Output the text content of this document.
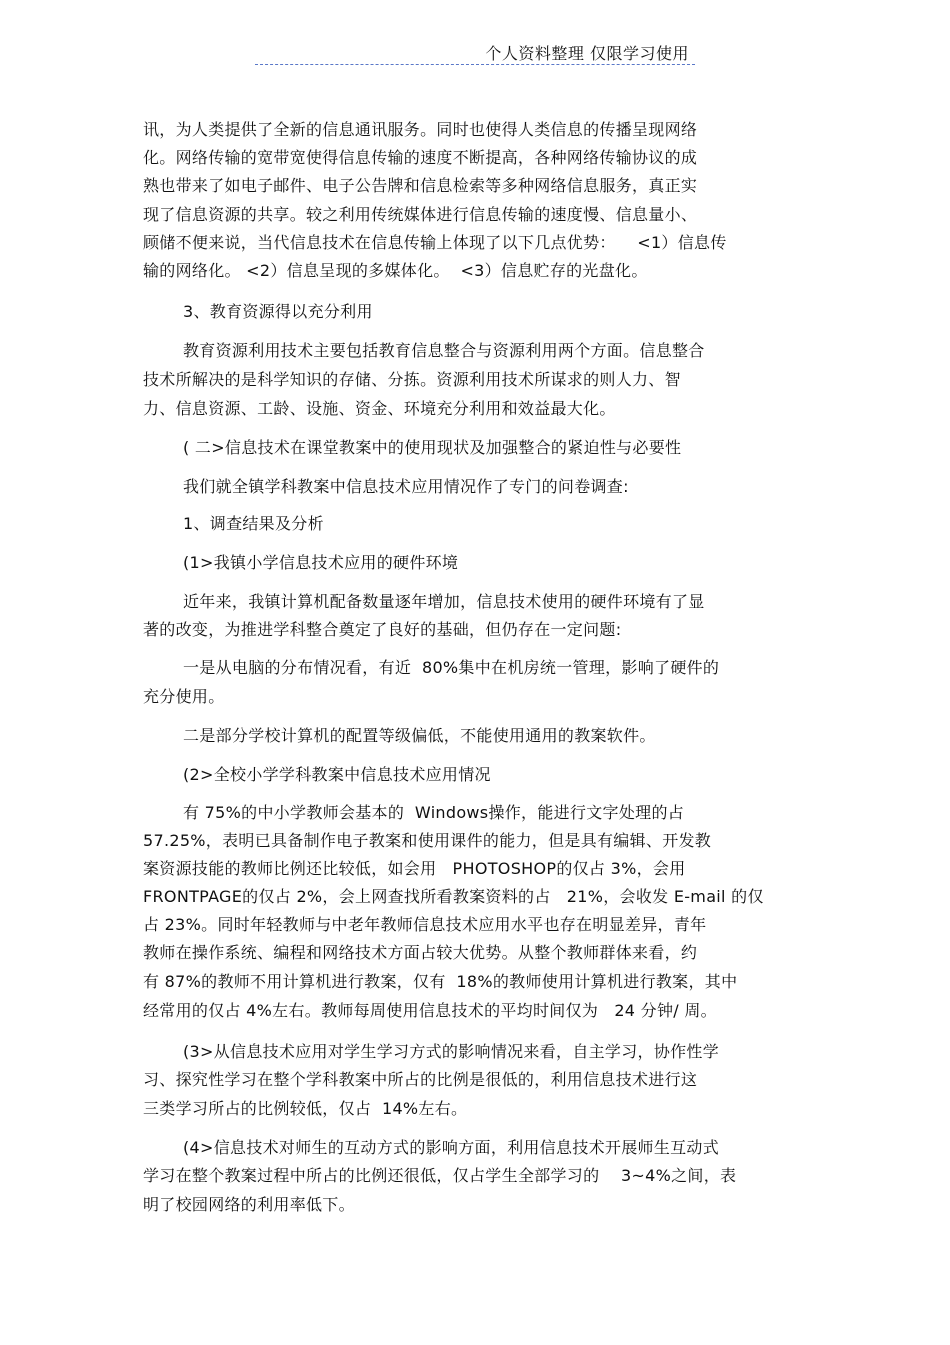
个人资料整理 仅限学习使用
讯，为人类提供了全新的信息通讯服务。同时也使得人类信息的传播呈现网络
化。网络传输的宽带宽使得信息传输的速度不断提高，各种网络传输协议的成
熟也带来了如电子邮件、电子公告牌和信息检索等多种网络信息服务，真正实
现了信息资源的共享。较之利用传统媒体进行信息传输的速度慢、信息量小、
顾储不便来说，当代信息技术在信息传输上体现了以下几点优势：    <1）信息传
输的网络化。 <2）信息呈现的多媒体化。  <3）信息贮存的光盘化。
3、教育资源得以充分利用
教育资源利用技术主要包括教育信息整合与资源利用两个方面。信息整合
技术所解决的是科学知识的存储、分拣。资源利用技术所谋求的则人力、智
力、信息资源、工龄、设施、资金、环境充分利用和效益最大化。
( 二>信息技术在课堂教案中的使用现状及加强整合的紧迫性与必要性
我们就全镇学科教案中信息技术应用情况作了专门的问卷调查:
1、调查结果及分析
(1>我镇小学信息技术应用的硬件环境
近年来，我镇计算机配备数量逐年增加，信息技术使用的硬件环境有了显
著的改变，为推进学科整合奠定了良好的基础，但仍存在一定问题:
一是从电脑的分布情况看，有近  80%集中在机房统一管理，影响了硬件的
充分使用。
二是部分学校计算机的配置等级偏低，不能使用通用的教案软件。
(2>全校小学学科教案中信息技术应用情况
有 75%的中小学教师会基本的  Windows操作，能进行文字处理的占
57.25%，表明已具备制作电子教案和使用课件的能力，但是具有编辑、开发教
案资源技能的教师比例还比较低，如会用   PHOTOSHOP的仅占 3%，会用
FRONTPAGE的仅占 2%，会上网查找所看教案资料的占   21%，会收发 E-mail 的仅
占 23%。同时年轻教师与中老年教师信息技术应用水平也存在明显差异，青年
教师在操作系统、编程和网络技术方面占较大优势。从整个教师群体来看，约
有 87%的教师不用计算机进行教案，仅有  18%的教师使用计算机进行教案，其中
经常用的仅占 4%左右。教师每周使用信息技术的平均时间仅为   24 分钟/ 周。
(3>从信息技术应用对学生学习方式的影响情况来看，自主学习，协作性学
习、探究性学习在整个学科教案中所占的比例是很低的，利用信息技术进行这
三类学习所占的比例较低，仅占  14%左右。
(4>信息技术对师生的互动方式的影响方面，利用信息技术开展师生互动式
学习在整个教案过程中所占的比例还很低，仅占学生全部学习的    3~4%之间，表
明了校园网络的利用率低下。
